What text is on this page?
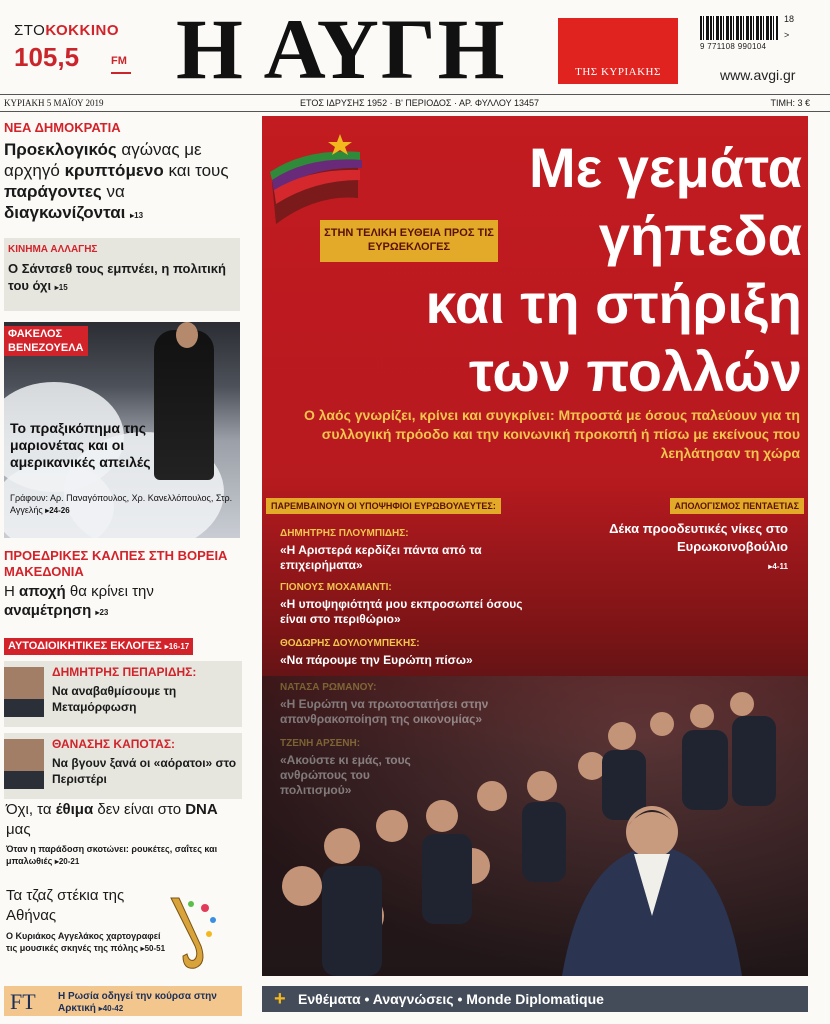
ΣΤΟΚΟΚΚΙΝΟ
105,5	FM Η ΑΥΓΗ	ΤΗΣ ΚΥΡΙΑΚΗΣ
9 771108 990104
18
>
www.avgi.gr
ΚΥΡΙΑΚΗ 5 ΜΑΪΟΥ 2019	ΕΤΟΣ ΙΔΡΥΣΗΣ 1952 · Β' ΠΕΡΙΟΔΟΣ · ΑΡ. ΦΥΛΛΟΥ 13457	ΤΙΜΗ: 3 €
ΝΕΑ ΔΗΜΟΚΡΑΤΙΑ
Προεκλογικός αγώνας με αρχηγό κρυπτόμενο και τους παράγοντες να διαγκωνίζονται ▸13
ΚΙΝΗΜΑ ΑΛΛΑΓΗΣ
Ο Σάντσεθ τους εμπνέει, η πολιτική του όχι ▸15
ΦΑΚΕΛΟΣ
ΒΕΝΕΖΟΥΕΛΑ
Το πραξικόπημα της μαριονέτας και οι αμερικανικές απειλές
Γράφουν: Αρ. Παναγόπουλος, Χρ. Κανελλόπουλος, Στρ. Αγγελής ▸24-26
ΠΡΟΕΔΡΙΚΕΣ ΚΑΛΠΕΣ ΣΤΗ ΒΟΡΕΙΑ ΜΑΚΕΔΟΝΙΑ
Η αποχή θα κρίνει την αναμέτρηση ▸23
ΑΥΤΟΔΙΟΙΚΗΤΙΚΕΣ ΕΚΛΟΓΕΣ ▸16-17
ΔΗΜΗΤΡΗΣ ΠΕΠΑΡΙΔΗΣ:
Να αναβαθμίσουμε τη Μεταμόρφωση
ΘΑΝΑΣΗΣ ΚΑΠΟΤΑΣ:
Να βγουν ξανά οι «αόρατοι» στο Περιστέρι
Όχι, τα έθιμα δεν είναι στο DNA μας
Όταν η παράδοση σκοτώνει: ρουκέτες, σαΐτες και μπαλωθιές ▸20-21
Τα τζαζ στέκια της Αθήνας
Ο Κυριάκος Αγγελάκος χαρτογραφεί τις μουσικές σκηνές της πόλης ▸50-51
FT Η Ρωσία οδηγεί την κούρσα στην Αρκτική ▸40-42
ΣΤΗΝ ΤΕΛΙΚΗ ΕΥΘΕΙΑ ΠΡΟΣ ΤΙΣ ΕΥΡΩΕΚΛΟΓΕΣ
Με γεμάτα
γήπεδα
και τη στήριξη
των πολλών
Ο λαός γνωρίζει, κρίνει και συγκρίνει: Μπροστά με όσους παλεύουν για τη συλλογική πρόοδο και την κοινωνική προκοπή ή πίσω με εκείνους που λεηλάτησαν τη χώρα
ΠΑΡΕΜΒΑΙΝΟΥΝ ΟΙ ΥΠΟΨΗΦΙΟΙ ΕΥΡΩΒΟΥΛΕΥΤΕΣ:	ΑΠΟΛΟΓΙΣΜΟΣ ΠΕΝΤΑΕΤΙΑΣ
ΔΗΜΗΤΡΗΣ ΠΛΟΥΜΠΙΔΗΣ:
«Η Αριστερά κερδίζει πάντα από τα επιχειρήματα»
ΓΙΟΝΟΥΣ ΜΟΧΑΜΑΝΤΙ:
«Η υποψηφιότητά μου εκπροσωπεί όσους είναι στο περιθώριο»
ΘΟΔΩΡΗΣ ΔΟΥΛΟΥΜΠΕΚΗΣ:
«Να πάρουμε την Ευρώπη πίσω»
Δέκα προοδευτικές νίκες στο Ευρωκοινοβούλιο
▸4-11
+ Ενθέματα • Αναγνώσεις • Monde Diplomatique
